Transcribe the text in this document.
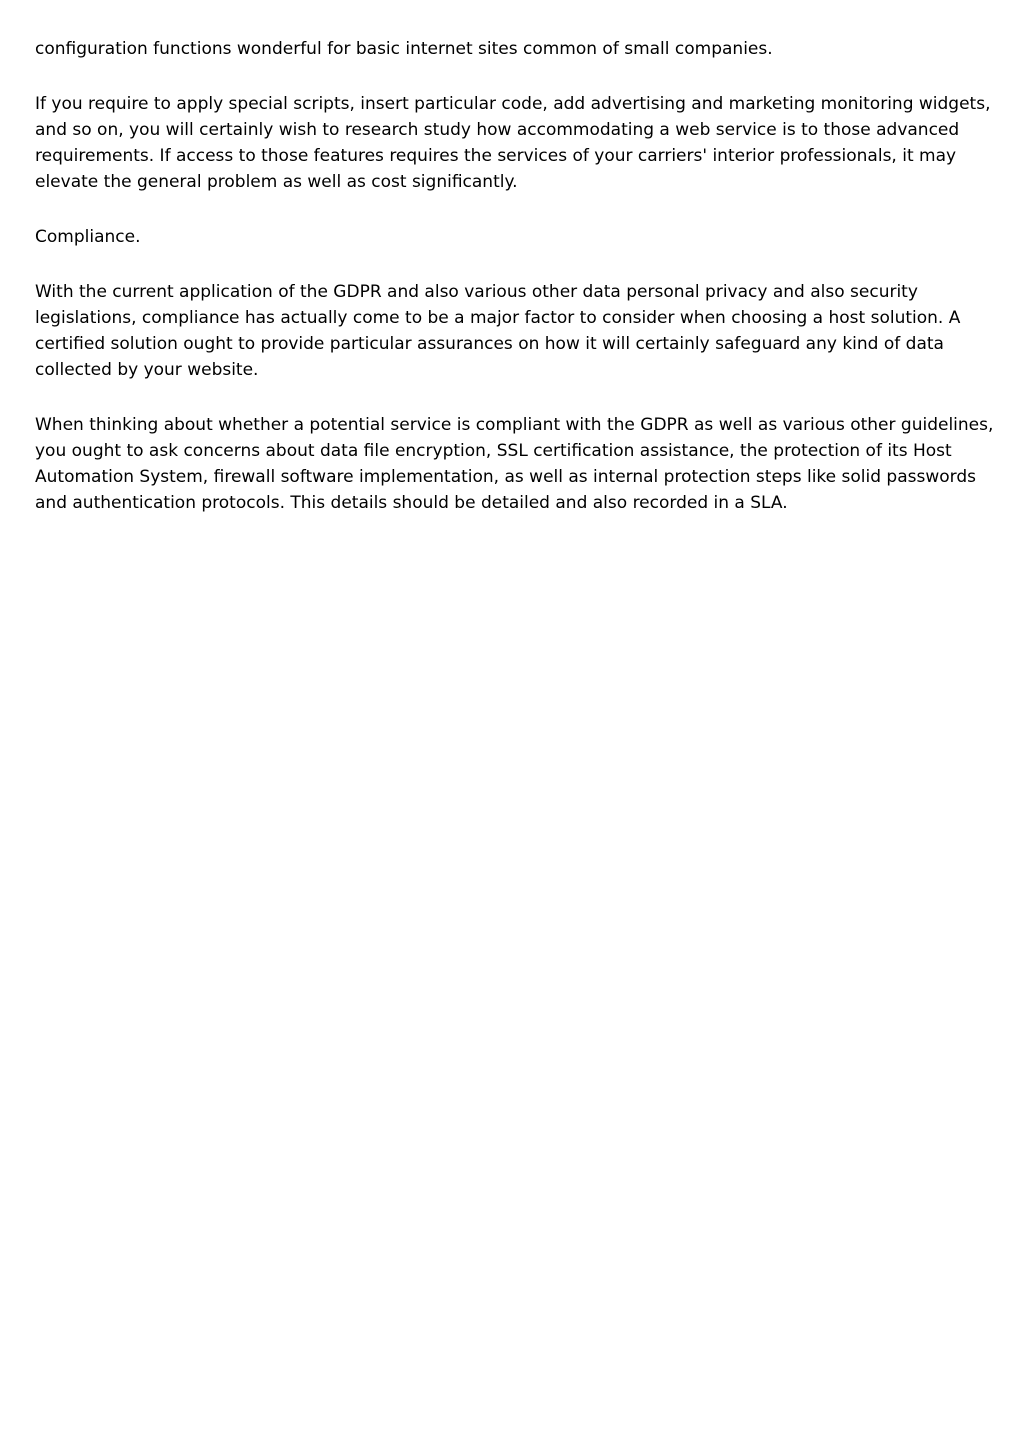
configuration functions wonderful for basic internet sites common of small companies.

If you require to apply special scripts, insert particular code, add advertising and marketing monitoring widgets, and so on, you will certainly wish to research study how accommodating a web service is to those advanced requirements. If access to those features requires the services of your carriers' interior professionals, it may elevate the general problem as well as cost significantly.

Compliance.

With the current application of the GDPR and also various other data personal privacy and also security legislations, compliance has actually come to be a major factor to consider when choosing a host solution. A certified solution ought to provide particular assurances on how it will certainly safeguard any kind of data collected by your website.

When thinking about whether a potential service is compliant with the GDPR as well as various other guidelines, you ought to ask concerns about data file encryption, SSL certification assistance, the protection of its Host Automation System, firewall software implementation, as well as internal protection steps like solid passwords and authentication protocols. This details should be detailed and also recorded in a SLA.
